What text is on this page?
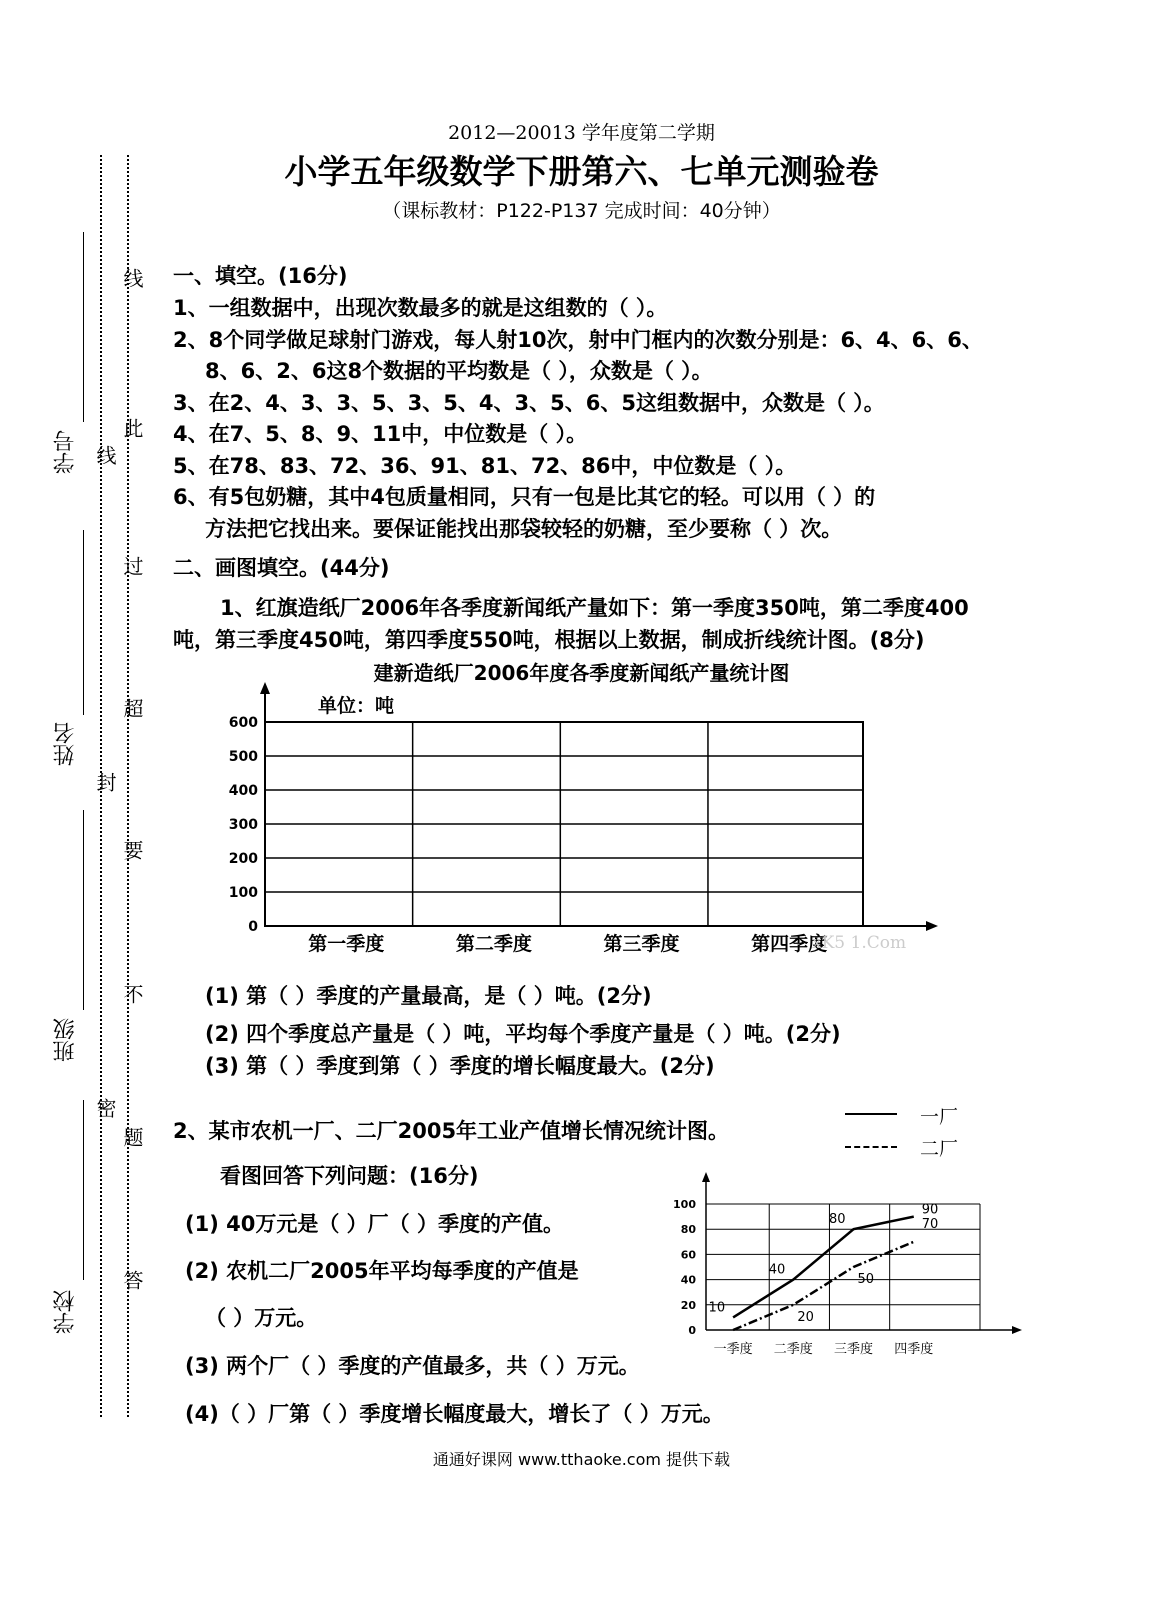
2012—20013 学年度第二学期
小学五年级数学下册第六、七单元测验卷
（课标教材：P122-P137 完成时间：40分钟）
线
此
过
超
要
不
题
答
线
封
密
学号
姓名
班级
学校
一、填空。(16分)
1、一组数据中，出现次数最多的就是这组数的（ ）。
2、8个同学做足球射门游戏，每人射10次，射中门框内的次数分别是：6、4、6、6、
8、6、2、6这8个数据的平均数是（ ），众数是（ ）。
3、在2、4、3、3、5、3、5、4、3、5、6、5这组数据中，众数是（ ）。
4、在7、5、8、9、11中，中位数是（ ）。
5、在78、83、72、36、91、81、72、86中，中位数是（ ）。
6、有5包奶糖，其中4包质量相同，只有一包是比其它的轻。可以用（ ）的
方法把它找出来。要保证能找出那袋较轻的奶糖，至少要称（ ）次。
二、画图填空。(44分)
1、红旗造纸厂2006年各季度新闻纸产量如下：第一季度350吨，第二季度400
吨，第三季度450吨，第四季度550吨，根据以上数据，制成折线统计图。(8分)
建新造纸厂2006年度各季度新闻纸产量统计图
0
100
200
300
400
500
600
第一季度	第二季度	第三季度	第四季度
单位：吨
xK5 1.Com
(1) 第（ ）季度的产量最高，是（ ）吨。(2分)
(2) 四个季度总产量是（ ）吨，平均每个季度产量是（ ）吨。(2分)
(3) 第（ ）季度到第（ ）季度的增长幅度最大。(2分)
2、某市农机一厂、二厂2005年工业产值增长情况统计图。
一厂
二厂
看图回答下列问题：(16分)
(1) 40万元是（ ）厂（ ）季度的产值。
(2) 农机二厂2005年平均每季度的产值是
（ ）万元。
(3) 两个厂（ ）季度的产值最多，共（ ）万元。
(4)（ ）厂第（ ）季度增长幅度最大，增长了（ ）万元。
0
20
40
60
80
100
一季度 二季度 三季度 四季度
10
40
80
90
20
50
70
通通好课网 www.tthaoke.com 提供下载
